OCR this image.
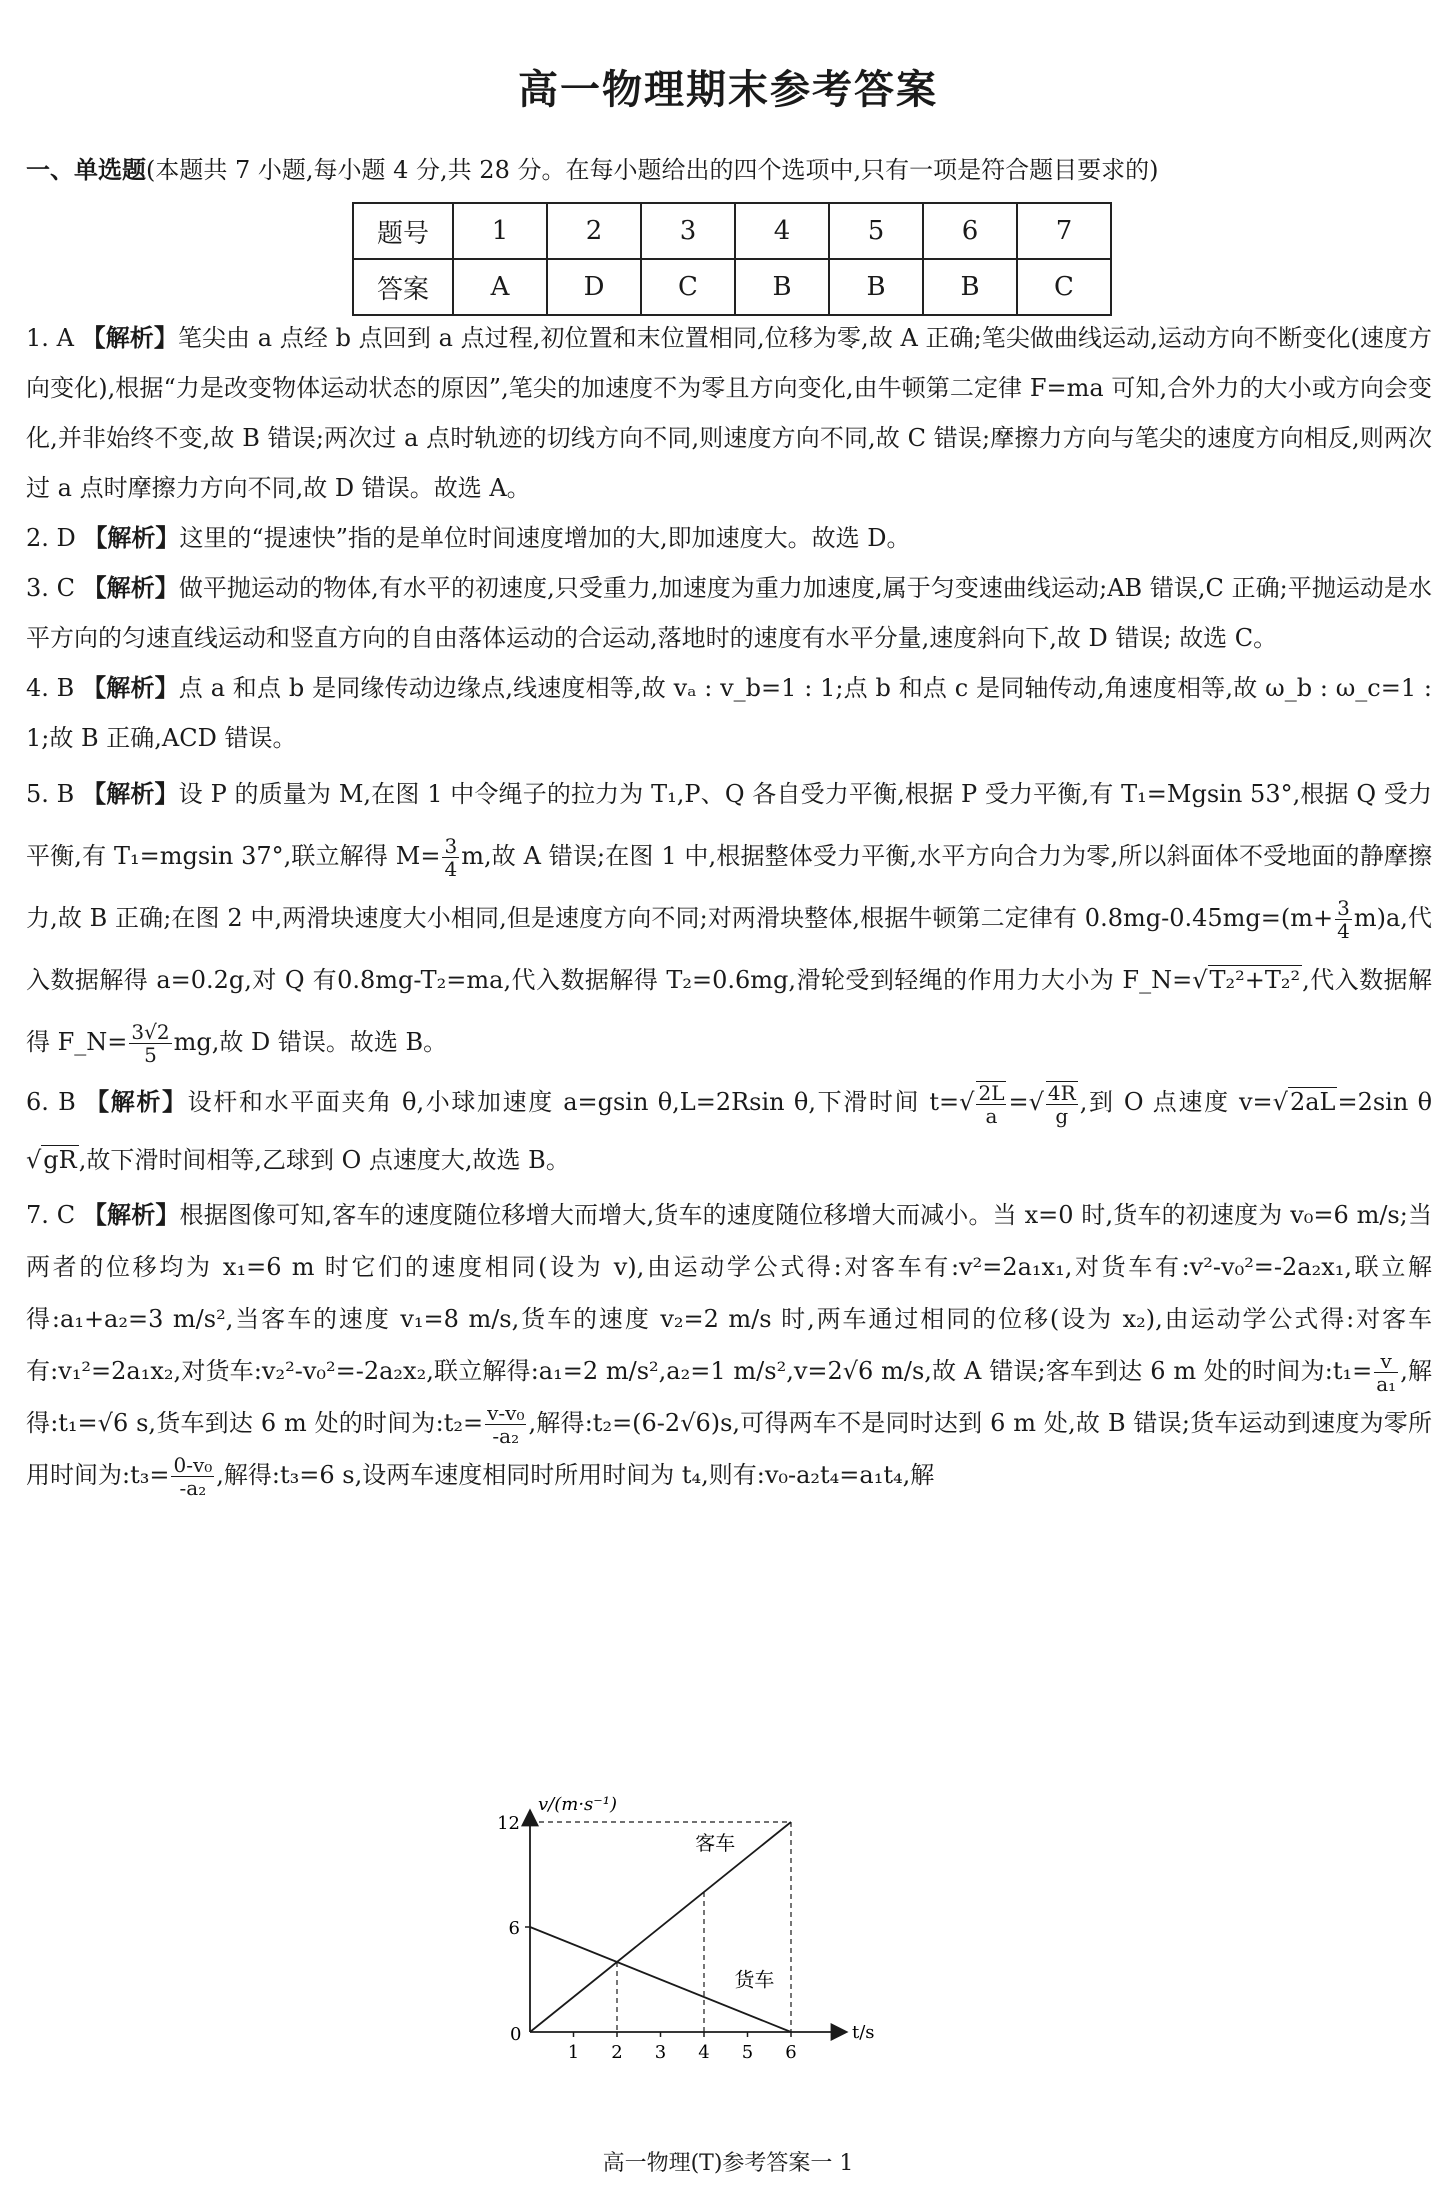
高一物理期末参考答案
一、单选题(本题共 7 小题,每小题 4 分,共 28 分。在每小题给出的四个选项中,只有一项是符合题目要求的)
题号	1	2	3	4	5	6	7
答案	A	D	C	B	B	B	C

1. A 【解析】笔尖由 a 点经 b 点回到 a 点过程,初位置和末位置相同,位移为零,故 A 正确;笔尖做曲线运动,运动方向不断变化(速度方向变化),根据“力是改变物体运动状态的原因”,笔尖的加速度不为零且方向变化,由牛顿第二定律 F=ma 可知,合外力的大小或方向会变化,并非始终不变,故 B 错误;两次过 a 点时轨迹的切线方向不同,则速度方向不同,故 C 错误;摩擦力方向与笔尖的速度方向相反,则两次过 a 点时摩擦力方向不同,故 D 错误。故选 A。

2. D 【解析】这里的“提速快”指的是单位时间速度增加的大,即加速度大。故选 D。

3. C 【解析】做平抛运动的物体,有水平的初速度,只受重力,加速度为重力加速度,属于匀变速曲线运动;AB 错误,C 正确;平抛运动是水平方向的匀速直线运动和竖直方向的自由落体运动的合运动,落地时的速度有水平分量,速度斜向下,故 D 错误; 故选 C。

4. B 【解析】点 a 和点 b 是同缘传动边缘点,线速度相等,故 vₐ : v_b=1 : 1;点 b 和点 c 是同轴传动,角速度相等,故 ω_b : ω_c=1 : 1;故 B 正确,ACD 错误。

5. B 【解析】设 P 的质量为 M,在图 1 中令绳子的拉力为 T₁,P、Q 各自受力平衡,根据 P 受力平衡,有 T₁=Mgsin 53°,根据 Q 受力平衡,有 T₁=mgsin 37°,联立解得 $M= \frac{3}{4} m$,故 A 错误;在图 1 中,根据整体受力平衡,水平方向合力为零,所以斜面体不受地面的静摩擦力,故 B 正确;在图 2 中,两滑块速度大小相同,但是速度方向不同;对两滑块整体,根据牛顿第二定律有 $0.8mg-0.45mg=(m+ \frac{3}{4} m)a$,代入数据解得 a=0.2g,对 Q 有0.8mg-T₂=ma,代入数据解得 T₂=0.6mg,滑轮受到轻绳的作用力大小为 F_N=√T₂²+T₂²,代入数据解得 F_N= $\frac{3√2}{5}$ mg,故 D 错误。故选 B。

6. B 【解析】设杆和水平面夹角 θ,小球加速度 a=gsin θ,L=2Rsin θ,下滑时间 $t=√ \frac{2L}{a}$ =√ $\frac{4R}{g}$ ,到 O 点速度 v=√2aL=2sin θ √gR,故下滑时间相等,乙球到 O 点速度大,故选 B。

7. C 【解析】根据图像可知,客车的速度随位移增大而增大,货车的速度随位移增大而减小。当 x=0 时,货车的初速度为 v₀=6 m/s;当两者的位移均为 x₁=6 m 时它们的速度相同(设为 v),由运动学公式得:对客车有:v²=2a₁x₁,对货车有:v²-v₀²=-2a₂x₁,联立解得:a₁+a₂=3 m/s²,当客车的速度 v₁=8 m/s,货车的速度 v₂=2 m/s 时,两车通过相同的位移(设为 x₂),由运动学公式得:对客车有:v₁²=2a₁x₂,对货车:v₂²-v₀²=-2a₂x₂,联立解得:a₁=2 m/s²,a₂=1 m/s²,v=2√6 m/s,故 A 错误;客车到达 6 m 处的时间为:t₁= $\frac{v}{\text{a₁}}$ ,解得:t₁=√6 s,货车到达 6 m 处的时间为:t₂= $\frac{\text{v-v₀}}{\text{-a₂}}$ ,解得:t₂=(6-2√6)s,可得两车不是同时达到 6 m 处,故 B 错误;货车运动到速度为零所用时间为:t₃= $\frac{\text{0-v₀}}{\text{-a₂}}$ ,解得:t₃=6 s,设两车速度相同时所用时间为 t₄,则有:v₀-a₂t₄=a₁t₄,解

v/(m·s⁻¹)
t/s
0
6
12
1 2 3 4 5 6
客车
货车
高一物理(T)参考答案一 1
